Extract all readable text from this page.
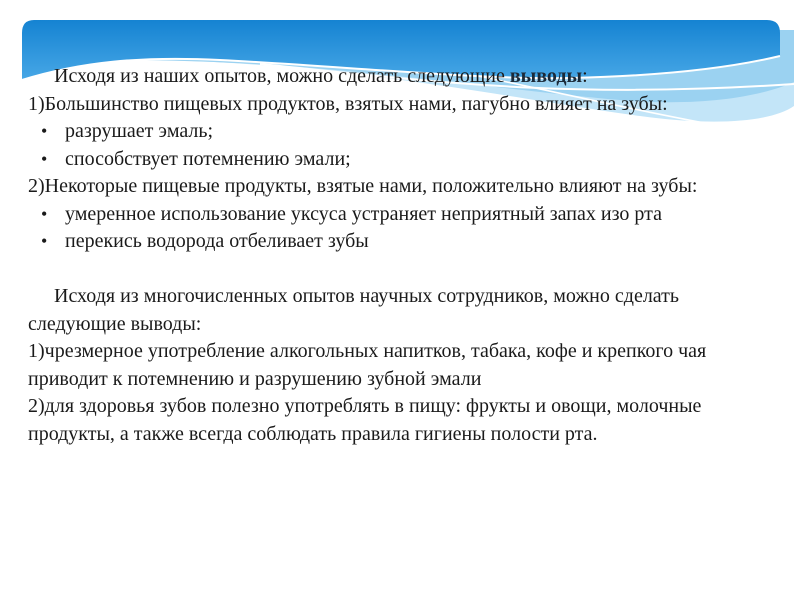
Исходя из наших опытов, можно сделать следующие выводы:

1)Большинство пищевых продуктов, взятых нами, пагубно влияет на зубы:

• разрушает эмаль;
• способствует потемнению эмали;

2)Некоторые пищевые продукты, взятые нами, положительно влияют на зубы:

• умеренное использование уксуса устраняет неприятный запах изо рта
• перекись водорода отбеливает зубы

Исходя из многочисленных опытов научных сотрудников, можно сделать следующие выводы:

1)чрезмерное употребление алкогольных напитков, табака, кофе и крепкого чая приводит к потемнению и разрушению зубной эмали

2)для здоровья зубов полезно употреблять в пищу: фрукты и овощи, молочные продукты, а также всегда соблюдать правила гигиены полости рта.
